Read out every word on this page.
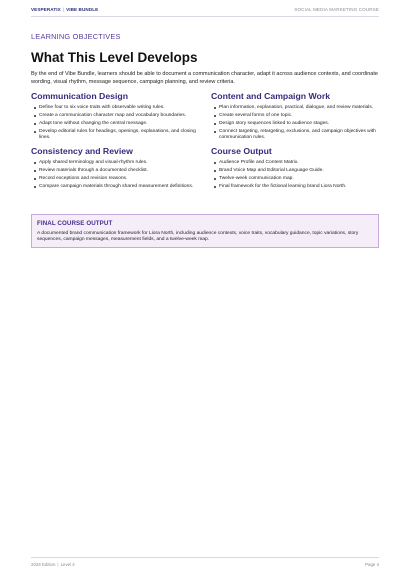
VESPERATIX | VIBE BUNDLE	SOCIAL MEDIA MARKETING COURSE
LEARNING OBJECTIVES
What This Level Develops
By the end of Vibe Bundle, learners should be able to document a communication character, adapt it across audience contexts, and coordinate wording, visual rhythm, message sequence, campaign planning, and review criteria.
Communication Design
Define four to six voice traits with observable writing rules.
Create a communication character map and vocabulary boundaries.
Adapt tone without changing the central message.
Develop editorial rules for headings, openings, explanations, and closing lines.
Consistency and Review
Apply shared terminology and visual-rhythm rules.
Review materials through a documented checklist.
Record exceptions and revision reasons.
Compare campaign materials through shared measurement definitions.
Content and Campaign Work
Plan information, explanation, practical, dialogue, and review materials.
Create several forms of one topic.
Design story sequences linked to audience stages.
Connect targeting, retargeting, exclusions, and campaign objectives with communication rules.
Course Output
Audience Profile and Content Matrix.
Brand Voice Map and Editorial Language Guide.
Twelve-week communication map.
Final framework for the fictional learning brand Liora North.
FINAL COURSE OUTPUT
A documented brand communication framework for Liora North, including audience contexts, voice traits, vocabulary guidance, topic variations, story sequences, campaign messages, measurement fields, and a twelve-week map.
2026 Edition | Level 4	Page 4
